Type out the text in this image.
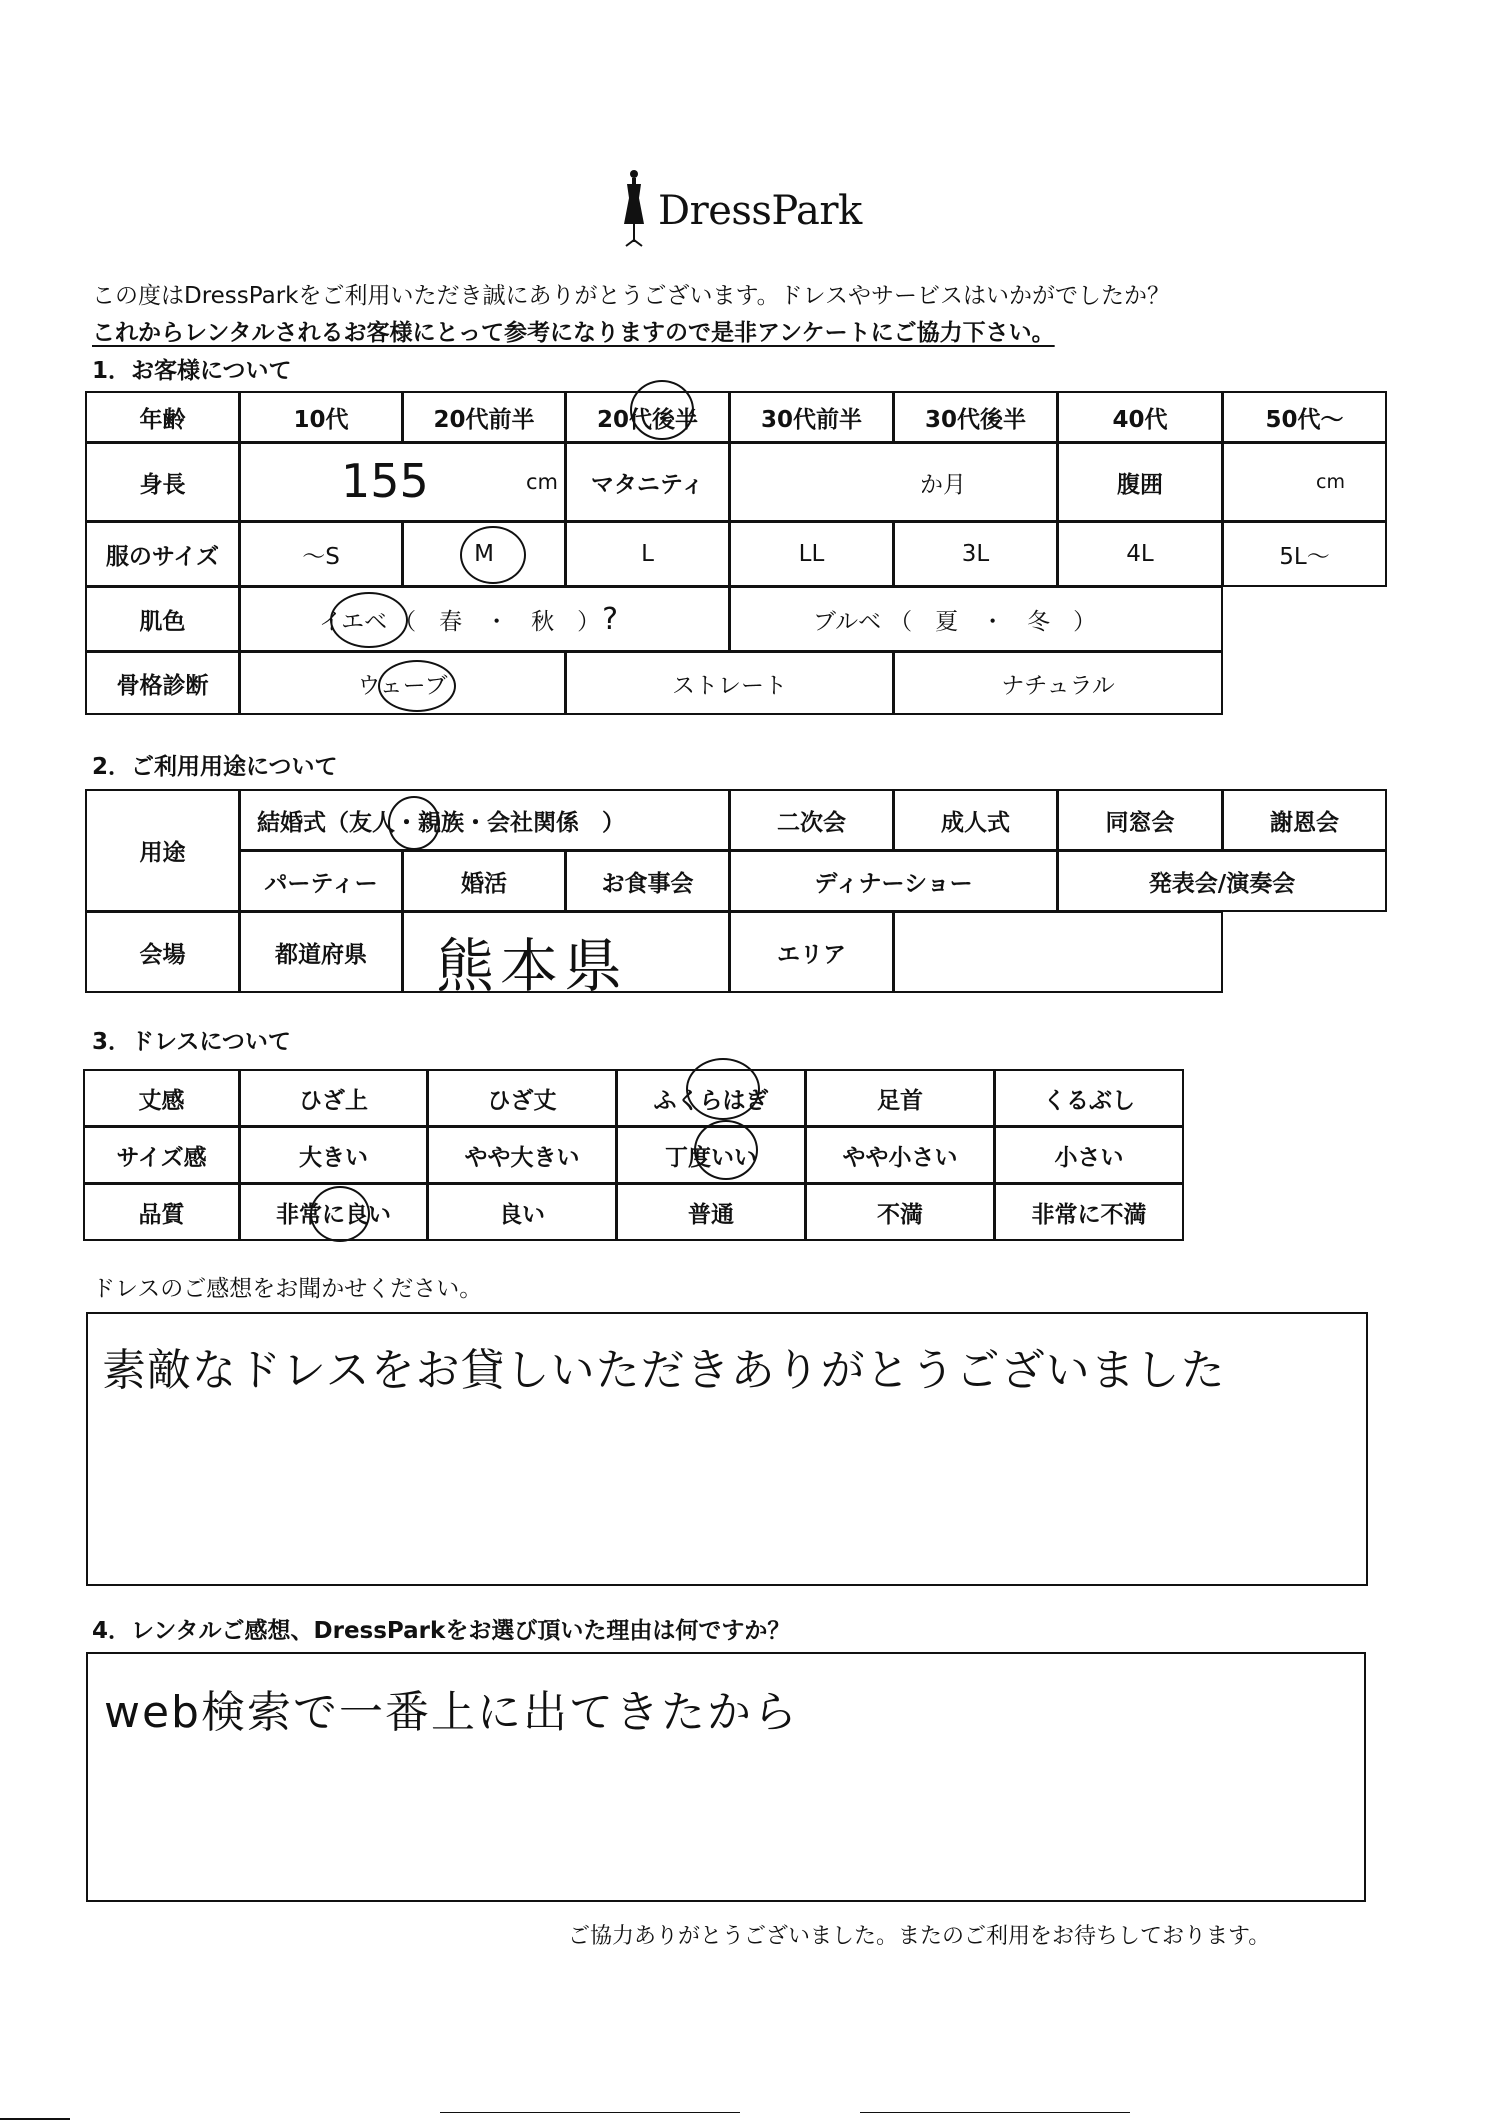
DressPark
この度はDressParkをご利用いただき誠にありがとうございます。ドレスやサービスはいかがでしたか？
これからレンタルされるお客様にとって参考になりますので是非アンケートにご協力下さい。
1．お客様について
年齢	10代	20代前半	20代後半	30代前半	30代後半	40代	50代～
身長	155	cm	マタニティ	か月	腹囲	cm
服のサイズ	～S	M	L	LL	3L	4L	5L～
肌色	イエベ （　春　・　秋　） ?	ブルベ （　夏　・　冬　）
骨格診断	ウェーブ	ストレート	ナチュラル
2．ご利用用途について
用途
結婚式（ 友人 ・親族・会社関係　）	二次会	成人式	同窓会	謝恩会
パーティー	婚活	お食事会	ディナーショー	発表会/演奏会
会場	都道府県	熊本県	エリア
3．ドレスについて
丈感	ひざ上	ひざ丈	ふくらはぎ	足首	くるぶし
サイズ感	大きい	やや大きい	丁度いい	やや小さい	小さい
品質	非常に良い	良い	普通	不満	非常に不満
ドレスのご感想をお聞かせください。
素敵なドレスをお貸しいただきありがとうございました
4．レンタルご感想、DressParkをお選び頂いた理由は何ですか？
web検索で一番上に出てきたから
ご協力ありがとうございました。またのご利用をお待ちしております。
